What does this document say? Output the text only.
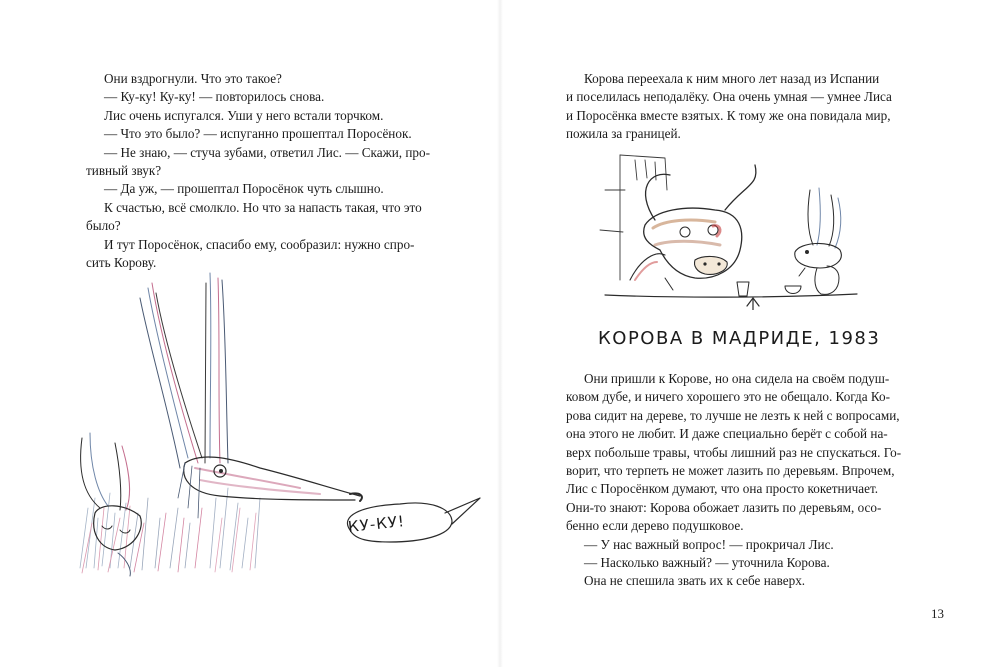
Они вздрогнули. Что это такое?

— Ку-ку! Ку-ку! — повторилось снова.

Лис очень испугался. Уши у него встали торчком.

— Что это было? — испуганно прошептал Поросёнок.

— Не знаю, — стуча зубами, ответил Лис. — Скажи, про-

тивный звук?

— Да уж, — прошептал Поросёнок чуть слышно.

К счастью, всё смолкло. Но что за напасть такая, что это

было?

И тут Поросёнок, спасибо ему, сообразил: нужно спро-

сить Корову.

КУ-КУ!

Корова переехала к ним много лет назад из Испании

и поселилась неподалёку. Она очень умная — умнее Лиса

и Поросёнка вместе взятых. К тому же она повидала мир,

пожила за границей.

КОРОВА В МАДРИДЕ, 1983

Они пришли к Корове, но она сидела на своём подуш-

ковом дубе, и ничего хорошего это не обещало. Когда Ко-

рова сидит на дереве, то лучше не лезть к ней с вопросами,

она этого не любит. И даже специально берёт с собой на-

верх побольше травы, чтобы лишний раз не спускаться. Го-

ворит, что терпеть не может лазить по деревьям. Впрочем,

Лис с Поросёнком думают, что она просто кокетничает.

Они-то знают: Корова обожает лазить по деревьям, осо-

бенно если дерево подушковое.

— У нас важный вопрос! — прокричал Лис.

— Насколько важный? — уточнила Корова.

Она не спешила звать их к себе наверх.

13
